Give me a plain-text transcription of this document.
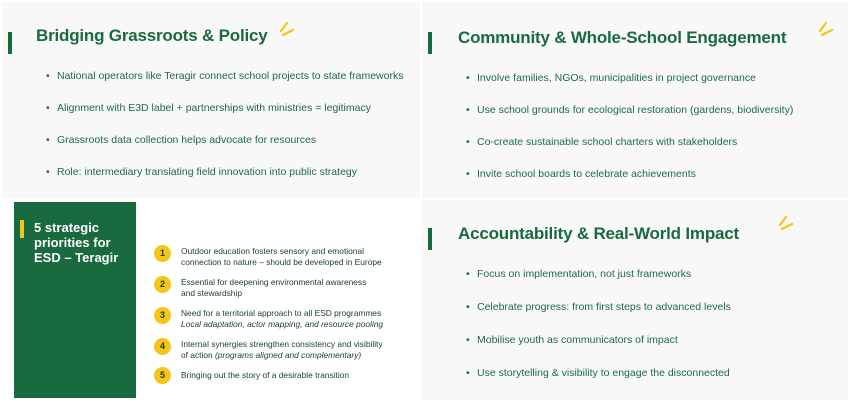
Bridging Grassroots & Policy
• National operators like Teragir connect school projects to state frameworks
• Alignment with E3D label + partnerships with ministries = legitimacy
• Grassroots data collection helps advocate for resources
• Role: intermediary translating field innovation into public strategy
Community & Whole-School Engagement
• Involve families, NGOs, municipalities in project governance
• Use school grounds for ecological restoration (gardens, biodiversity)
• Co-create sustainable school charters with stakeholders
• Invite school boards to celebrate achievements
5 strategic priorities for ESD – Teragir	1	Outdoor education fosters sensory and emotional
connection to nature – should be developed in Europe
2	Essential for deepening environmental awareness
and stewardship
3	Need for a territorial approach to all ESD programmes
Local adaptation, actor mapping, and resource pooling
4	Internal synergies strengthen consistency and visibility
of action (programs aligned and complementary)
5	Bringing out the story of a desirable transition
Accountability & Real-World Impact
• Focus on implementation, not just frameworks
• Celebrate progress: from first steps to advanced levels
• Mobilise youth as communicators of impact
• Use storytelling & visibility to engage the disconnected
